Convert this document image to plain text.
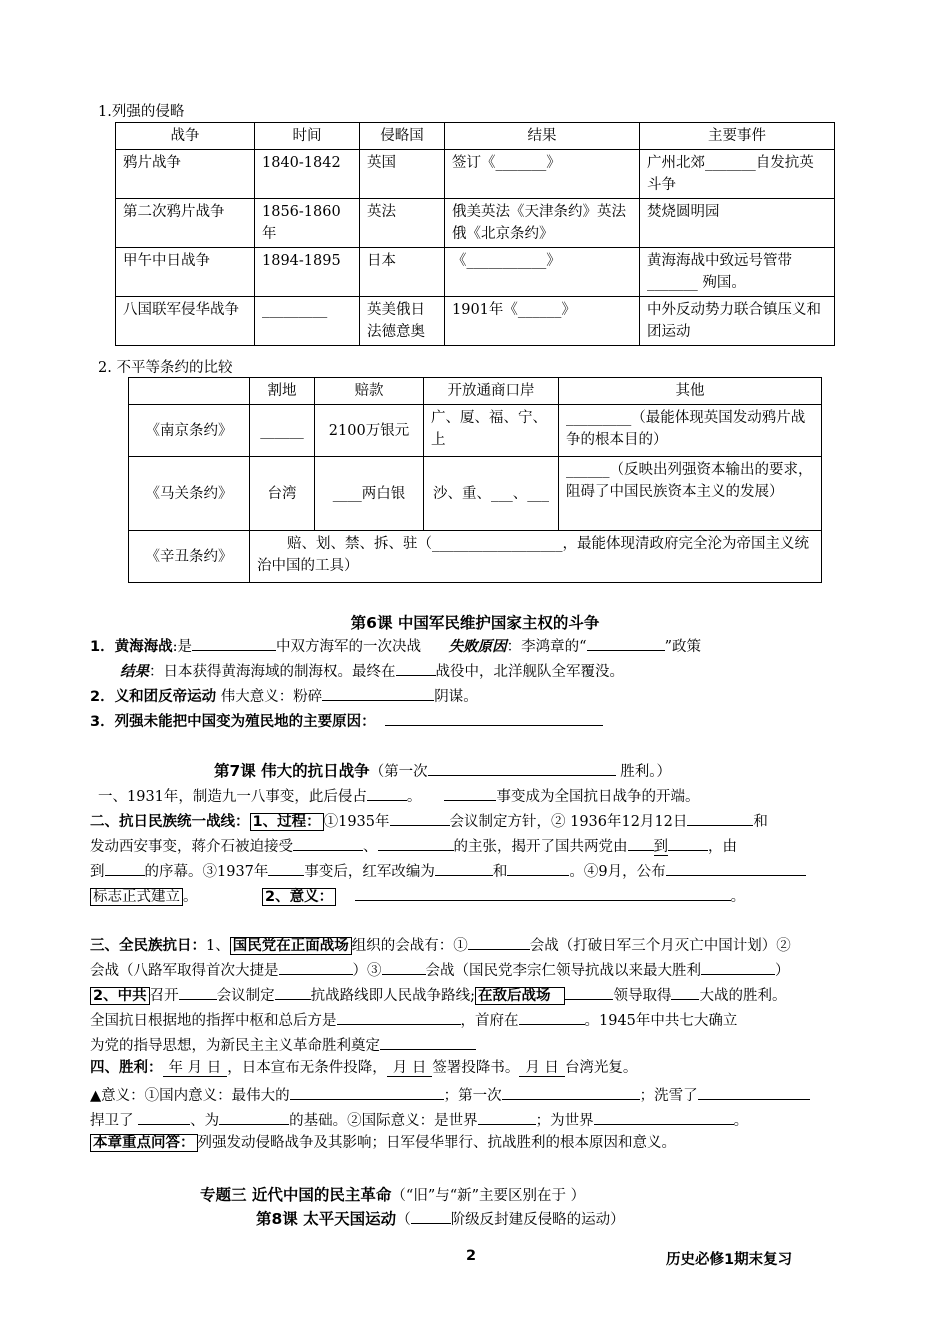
1.列强的侵略
战争	时间	侵略国	结果	主要事件
鸦片战争	1840-1842	英国	签订《_______》	广州北郊_______自发抗英斗争
第二次鸦片战争	1856-1860年	英法	俄美英法《天津条约》英法俄《北京条约》	焚烧圆明园
甲午中日战争	1894-1895	日本	《___________》	黄海海战中致远号管带_______ 殉国。
八国联军侵华战争	_________	英美俄日法德意奥	1901年《______》	中外反动势力联合镇压义和团运动
2. 不平等条约的比较
	割地	赔款	开放通商口岸	其他
《南京条约》	______	2100万银元	广、厦、福、宁、上	_________（最能体现英国发动鸦片战争的根本目的）
《马关条约》	台湾	____两白银	沙、重、___、___	______（反映出列强资本输出的要求，阻碍了中国民族资本主义的发展）
《辛丑条约》	赔、划、禁、拆、驻（__________________，最能体现清政府完全沦为帝国主义统治中国的工具）			
第6课 中国军民维护国家主权的斗争
1．黄海海战:是	中双方海军的一次决战 失败原因：李鸿章的“	”政策
结果：日本获得黄海海域的制海权。最终在	战役中，北洋舰队全军覆没。
2．义和团反帝运动 伟大意义：粉碎	阴谋。
3．列强未能把中国变为殖民地的主要原因：
第7课 伟大的抗日战争（第一次	胜利。）
一、1931年，制造九一八事变，此后侵占	。	事变成为全国抗日战争的开端。
二、抗日民族统一战线： 1、过程： ①1935年	会议制定方针，② 1936年12月12日	和
发动西安事变，蒋介石被迫接受	、	的主张，揭开了国共两党由 到	，由
到	的序幕。③1937年 事变后，红军改编为	和	。④9月，公布
标志正式建立 。	2、意义：	。
三、全民族抗日：1、 国民党在正面战场 组织的会战有：①	会战（打破日军三个月灭亡中国计划）②
会战（八路军取得首次大捷是	）③	会战（国民党李宗仁领导抗战以来最大胜利	）
2、中共 召开	会议制定 抗战路线即人民战争路线; 在敌后战场	领导取得 大战的胜利。
全国抗日根据地的指挥中枢和总后方是	，首府在	。1945年中共七大确立
为党的指导思想，为新民主主义革命胜利奠定
四、胜利： 年 月 日 ，日本宣布无条件投降， 月 日 签署投降书。 月 日 台湾光复。
▲意义：①国内意义：最伟大的	；第一次	；洗雪了
捍卫了	、为	的基础。②国际意义：是世界	；为世界	。
本章重点问答： 列强发动侵略战争及其影响；日军侵华罪行、抗战胜利的根本原因和意义。
专题三 近代中国的民主革命（“旧”与“新”主要区别在于 ）
第8课 太平天国运动（	阶级反封建反侵略的运动）
2	历史必修1期末复习
